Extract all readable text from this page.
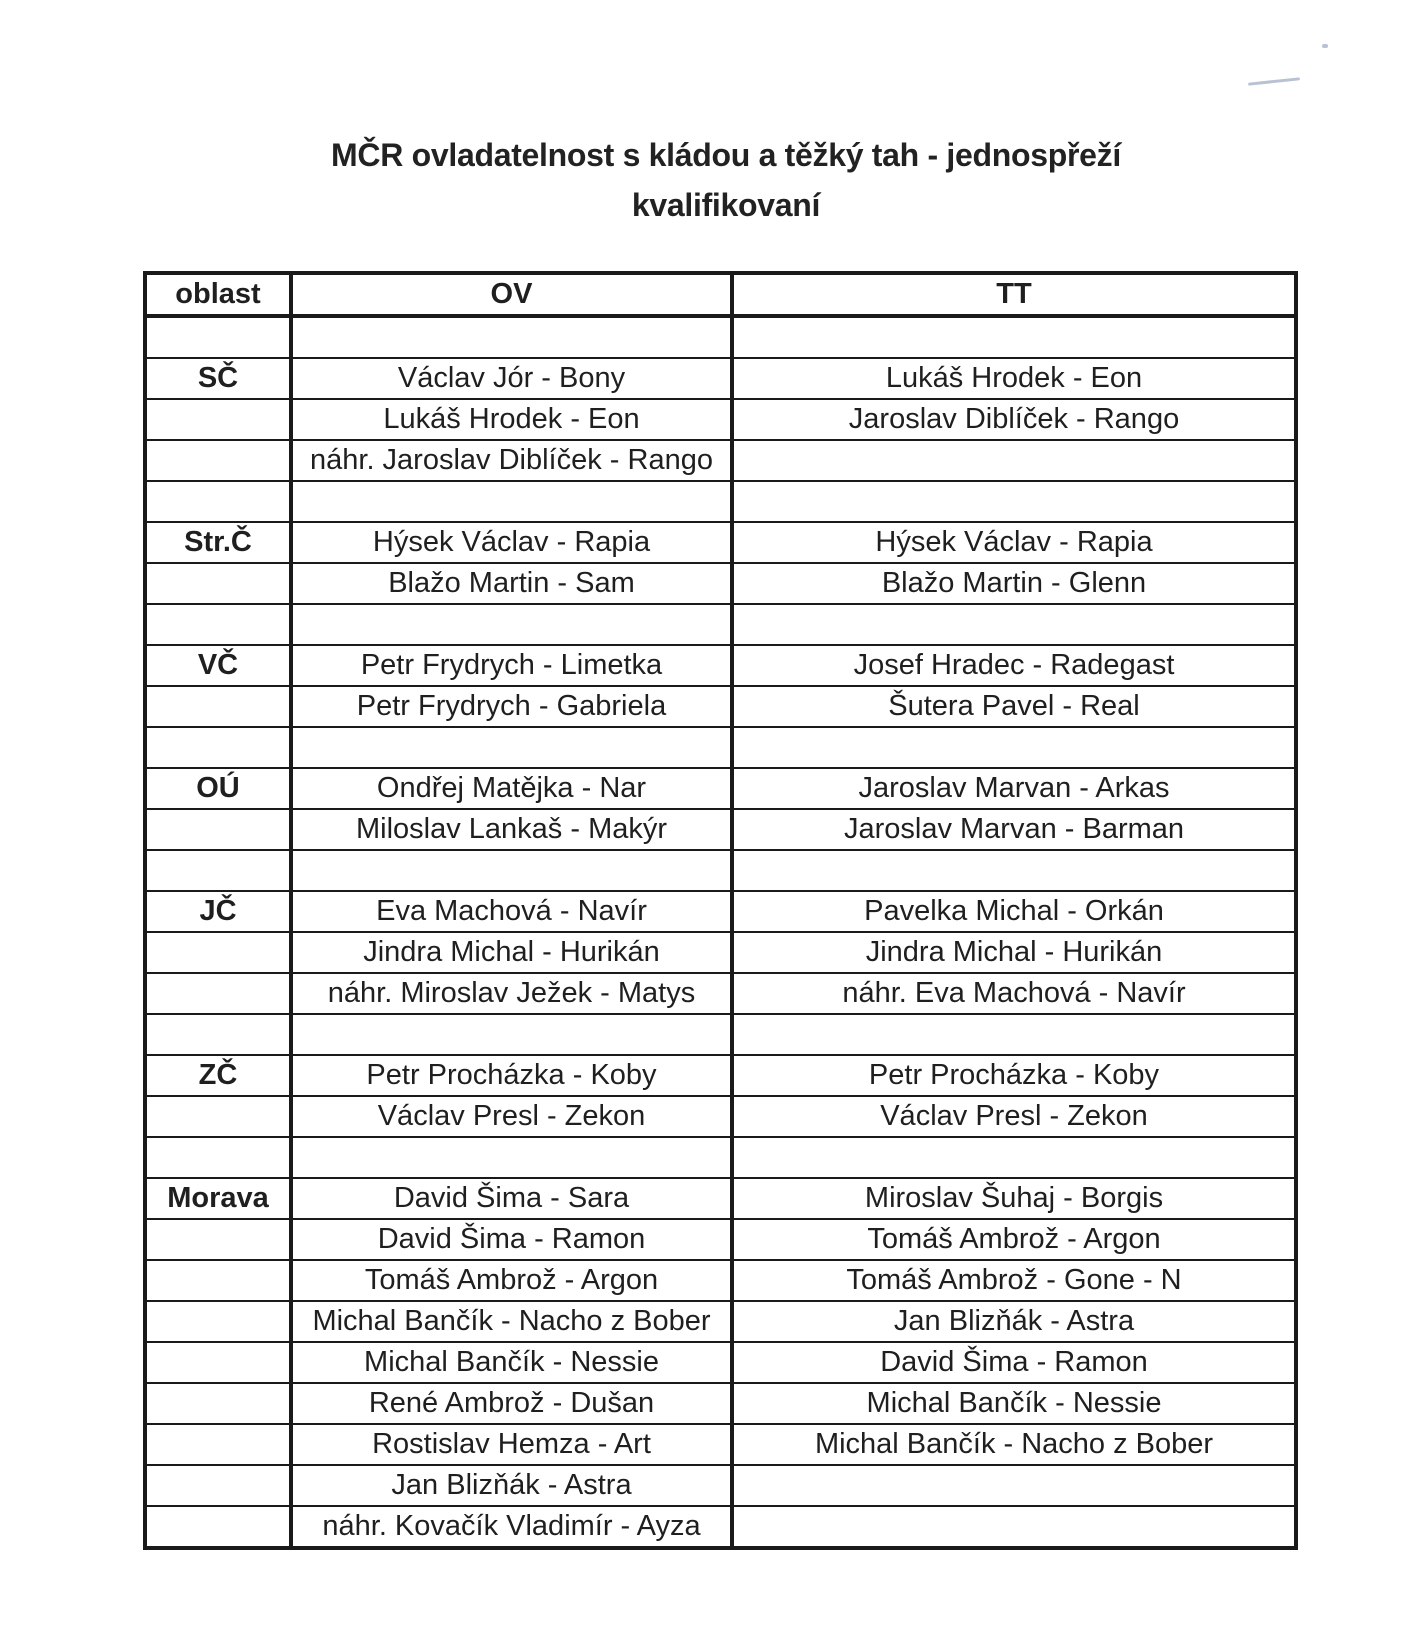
MČR ovladatelnost s kládou a těžký tah - jednospřeží
kvalifikovaní
oblast	OV	TT

SČ	Václav Jór - Bony	Lukáš Hrodek - Eon
	Lukáš Hrodek - Eon	Jaroslav Diblíček - Rango
	náhr. Jaroslav Diblíček - Rango	

Str.Č	Hýsek Václav - Rapia	Hýsek Václav - Rapia
	Blažo Martin - Sam	Blažo Martin - Glenn

VČ	Petr Frydrych - Limetka	Josef Hradec - Radegast
	Petr Frydrych - Gabriela	Šutera Pavel - Real

OÚ	Ondřej Matějka - Nar	Jaroslav Marvan - Arkas
	Miloslav Lankaš - Makýr	Jaroslav Marvan - Barman

JČ	Eva Machová - Navír	Pavelka Michal - Orkán
	Jindra Michal - Hurikán	Jindra Michal - Hurikán
	náhr. Miroslav Ježek - Matys	náhr. Eva Machová - Navír

ZČ	Petr Procházka - Koby	Petr Procházka - Koby
	Václav Presl - Zekon	Václav Presl - Zekon

Morava	David Šima - Sara	Miroslav Šuhaj - Borgis
	David Šima - Ramon	Tomáš Ambrož - Argon
	Tomáš Ambrož - Argon	Tomáš Ambrož - Gone - N
	Michal Bančík - Nacho z Bober	Jan Blizňák - Astra
	Michal Bančík - Nessie	David Šima - Ramon
	René Ambrož - Dušan	Michal Bančík - Nessie
	Rostislav Hemza - Art	Michal Bančík - Nacho z Bober
	Jan Blizňák - Astra	
	náhr. Kovačík Vladimír - Ayza	
